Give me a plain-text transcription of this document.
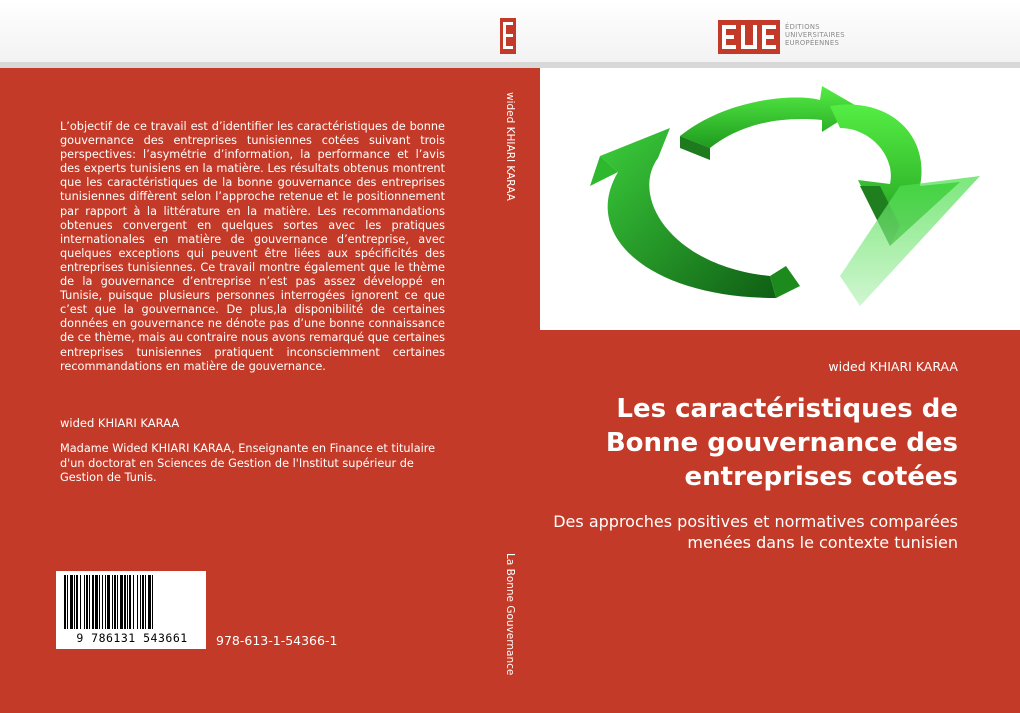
ÉDITIONS
UNIVERSITAIRES
EUROPÉENNES
L’objectif de ce travail est d’identifier les caractéristiques de bonne gouvernance des entreprises tunisiennes cotées suivant trois perspectives: l’asymétrie d’information, la performance et l’avis des experts tunisiens en la matière. Les résultats obtenus montrent que les caractéristiques de la bonne gouvernance des entreprises tunisiennes diffèrent selon l’approche retenue et le positionnement par rapport à la littérature en la matière. Les recommandations obtenues convergent en quelques sortes avec les pratiques internationales en matière de gouvernance d’entreprise, avec quelques exceptions qui peuvent être liées aux spécificités des entreprises tunisiennes. Ce travail montre également que le thème de la gouvernance d’entreprise n’est pas assez développé en Tunisie, puisque plusieurs personnes interrogées ignorent ce que c’est que la gouvernance. De plus,la disponibilité de certaines données en gouvernance ne dénote pas d’une bonne connaissance de ce thème, mais au contraire nous avons remarqué que certaines entreprises tunisiennes pratiquent inconsciemment certaines recommandations en matière de gouvernance.
wided KHIARI KARAA
Madame Wided KHIARI KARAA, Enseignante en Finance et titulaire d'un doctorat en Sciences de Gestion de l'Institut supérieur de Gestion de Tunis.
9 786131 543661	978-613-1-54366-1
wided KHIARI KARAA
La Bonne Gouvernance
wided KHIARI KARAA
Les caractéristiques de Bonne gouvernance des entreprises cotées
Des approches positives et normatives comparées menées dans le contexte tunisien
